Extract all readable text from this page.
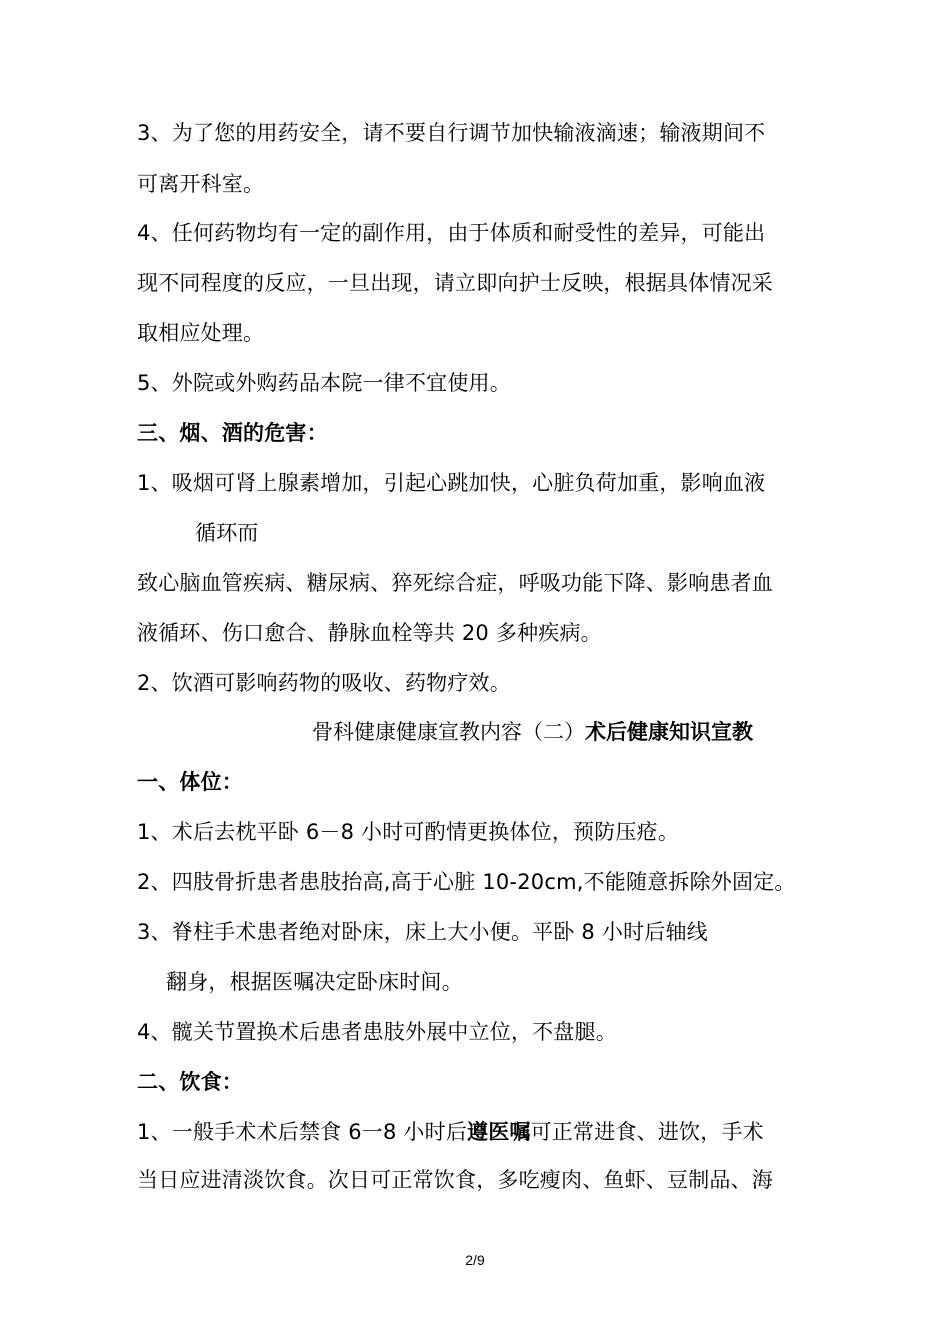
3、为了您的用药安全，请不要自行调节加快输液滴速；输液期间不
可离开科室。
4、任何药物均有一定的副作用，由于体质和耐受性的差异，可能出
现不同程度的反应，一旦出现，请立即向护士反映，根据具体情况采
取相应处理。
5、外院或外购药品本院一律不宜使用。
三、烟、酒的危害：
1、吸烟可肾上腺素增加，引起心跳加快，心脏负荷加重，影响血液
循环而
致心脑血管疾病、糖尿病、猝死综合症，呼吸功能下降、影响患者血
液循环、伤口愈合、静脉血栓等共 20 多种疾病。
2、饮酒可影响药物的吸收、药物疗效。
骨科健康健康宣教内容（二）术后健康知识宣教
一、体位：
1、术后去枕平卧 6－8 小时可酌情更换体位，预防压疮。
2、四肢骨折患者患肢抬高,高于心脏 10-20cm,不能随意拆除外固定。
3、脊柱手术患者绝对卧床，床上大小便。平卧 8 小时后轴线
翻身，根据医嘱决定卧床时间。
4、髋关节置换术后患者患肢外展中立位，不盘腿。
二、饮食：
1、一般手术术后禁食 6一8 小时后遵医嘱可正常进食、进饮，手术
当日应进清淡饮食。次日可正常饮食，多吃瘦肉、鱼虾、豆制品、海
2/9
